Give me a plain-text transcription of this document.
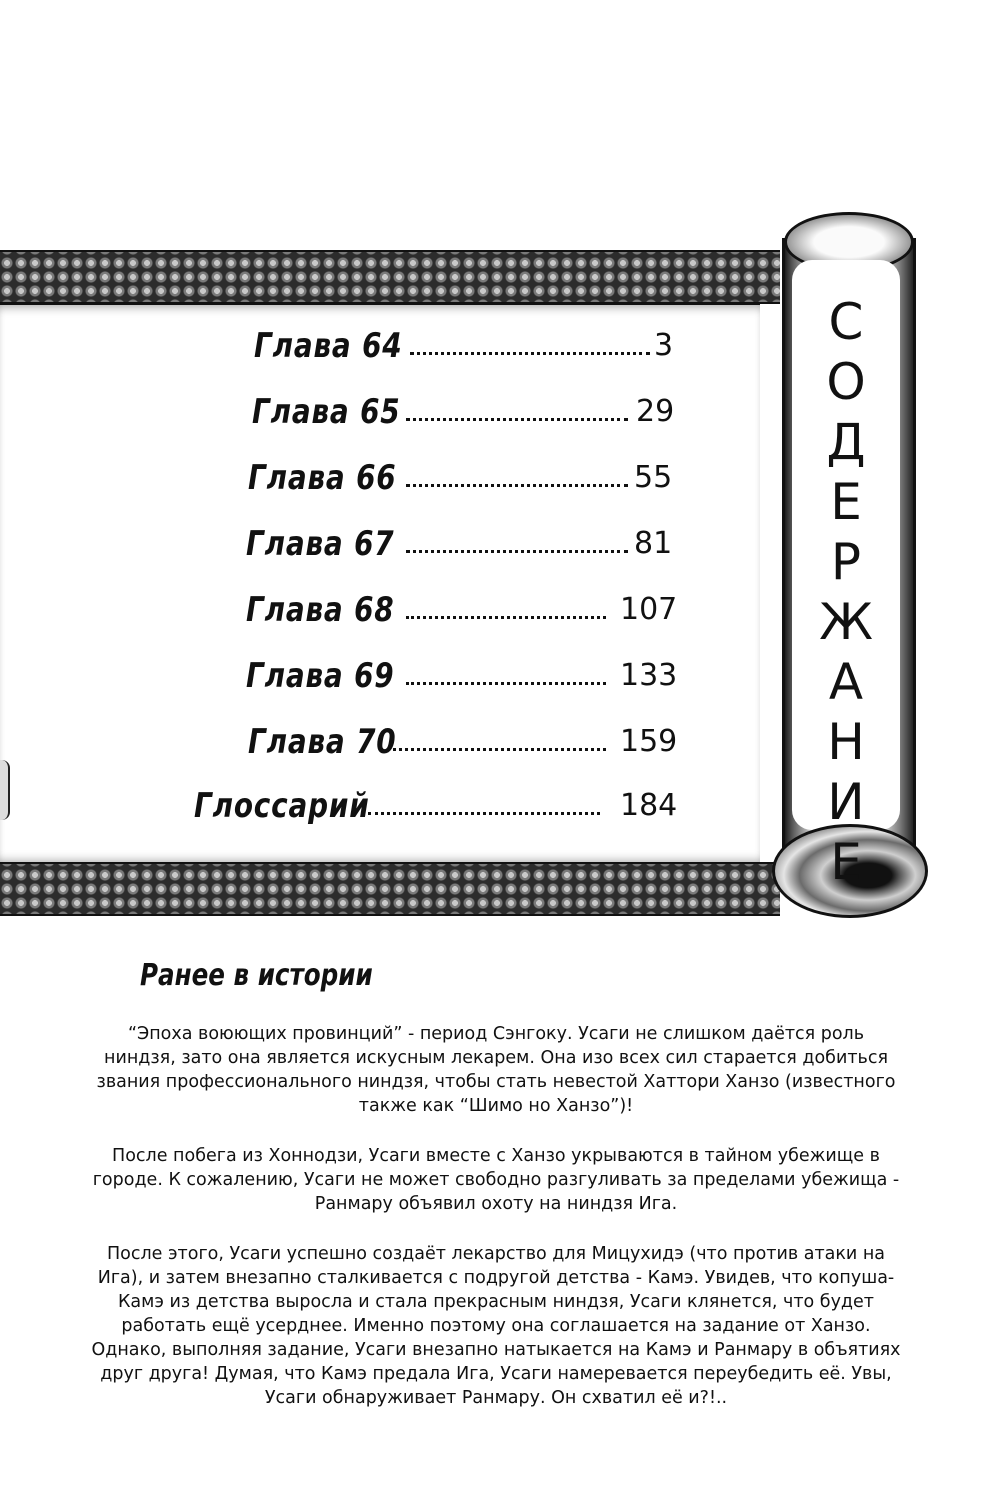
С
О
Д
Е
Р
Ж
А
Н
И
Е
Глава 64	3
Глава 65	29
Глава 66	55
Глава 67	81
Глава 68	107
Глава 69	133
Глава 70	159
Глоссарий	184
Ранее в истории

“Эпоха воюющих провинций” - период Сэнгоку. Усаги не слишком даётся роль ниндзя, зато она является искусным лекарем. Она изо всех сил старается добиться звания профессионального ниндзя, чтобы стать невестой Хаттори Ханзо (известного также как “Шимо но Ханзо”)!

После побега из Хоннодзи, Усаги вместе с Ханзо укрываются в тайном убежище в городе. К сожалению, Усаги не может свободно разгуливать за пределами убежища - Ранмару объявил охоту на ниндзя Ига.

После этого, Усаги успешно создаёт лекарство для Мицухидэ (что против атаки на Ига), и затем внезапно сталкивается с подругой детства - Камэ. Увидев, что копуша-Камэ из детства выросла и стала прекрасным ниндзя, Усаги клянется, что будет работать ещё усерднее. Именно поэтому она соглашается на задание от Ханзо. Однако, выполняя задание, Усаги внезапно натыкается на Камэ и Ранмару в объятиях друг друга! Думая, что Камэ предала Ига, Усаги намеревается переубедить её. Увы, Усаги обнаруживает Ранмару. Он схватил её и?!..
